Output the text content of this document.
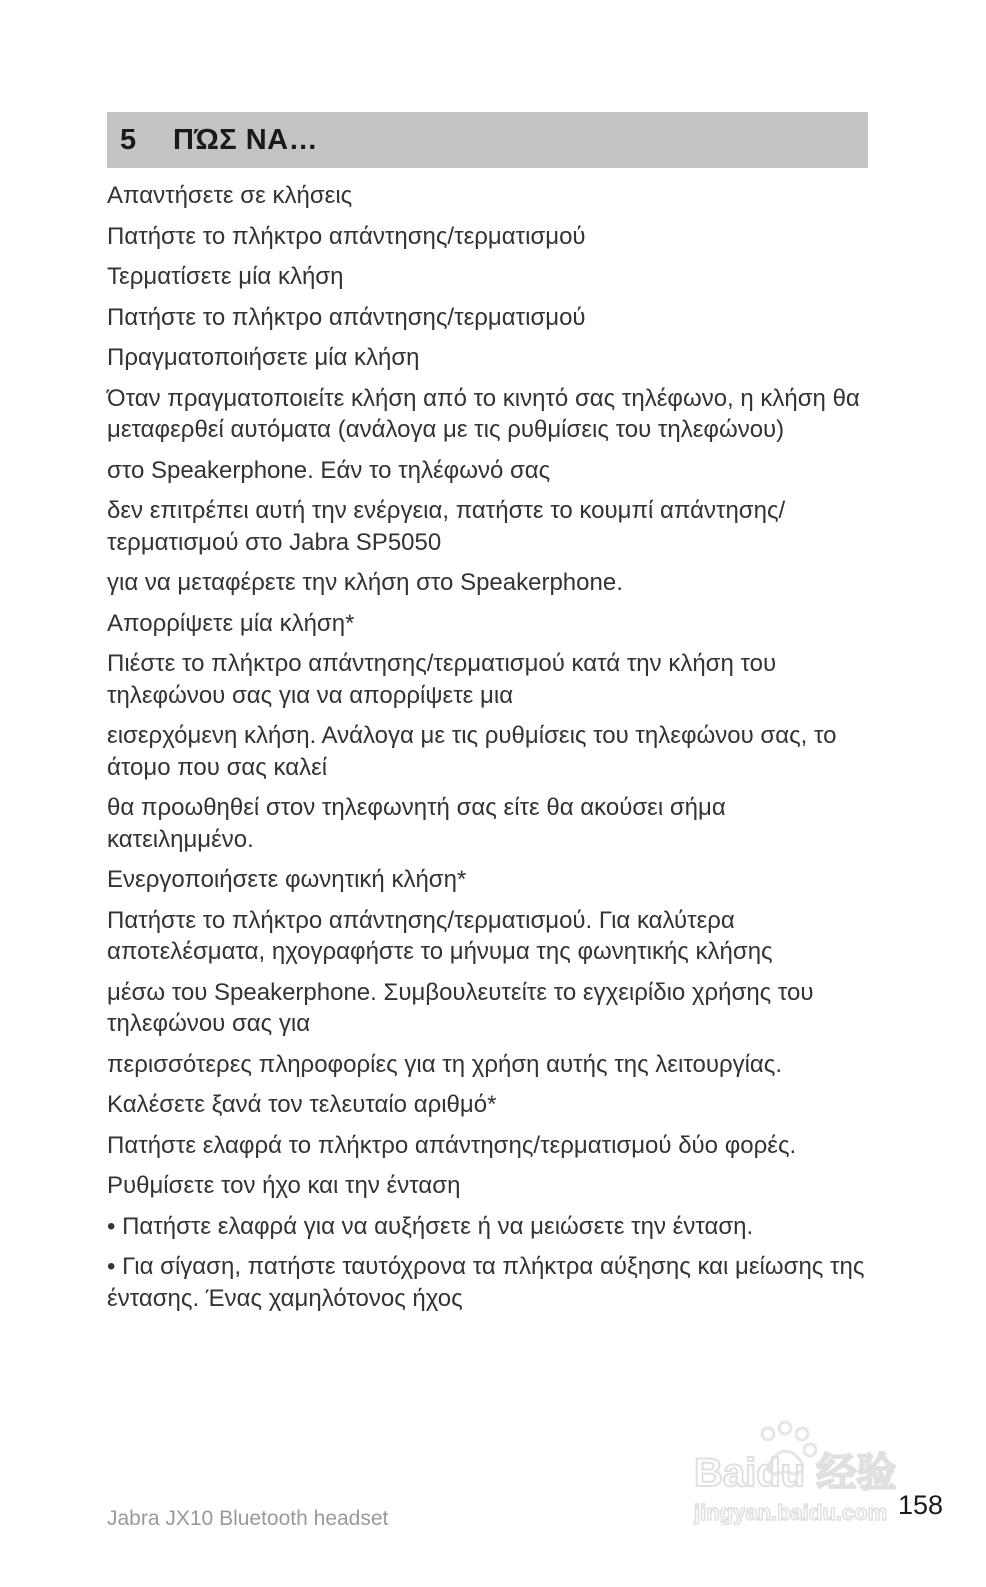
5	ΠΏΣ ΝΑ…

Απαντήσετε σε κλήσεις

Πατήστε το πλήκτρο απάντησης/τερματισμού

Τερματίσετε μία κλήση

Πατήστε το πλήκτρο απάντησης/τερματισμού

Πραγματοποιήσετε μία κλήση

Όταν πραγματοποιείτε κλήση από το κινητό σας τηλέφωνο, η κλήση θα μεταφερθεί αυτόματα (ανάλογα με τις ρυθμίσεις του τηλεφώνου)

στο Speakerphone. Εάν το τηλέφωνό σας

δεν επιτρέπει αυτή την ενέργεια, πατήστε το κουμπί απάντησης/ τερματισμού στο Jabra SP5050

για να μεταφέρετε την κλήση στο Speakerphone.

Απορρίψετε μία κλήση*

Πιέστε το πλήκτρο απάντησης/τερματισμού κατά την κλήση του τηλεφώνου σας για να απορρίψετε μια

εισερχόμενη κλήση. Ανάλογα με τις ρυθμίσεις του τηλεφώνου σας, το άτομο που σας καλεί

θα προωθηθεί στον τηλεφωνητή σας είτε θα ακούσει σήμα κατειλημμένο.

Ενεργοποιήσετε φωνητική κλήση*

Πατήστε το πλήκτρο απάντησης/τερματισμού. Για καλύτερα αποτελέσματα, ηχογραφήστε το μήνυμα της φωνητικής κλήσης

μέσω του Speakerphone. Συμβουλευτείτε το εγχειρίδιο χρήσης του τηλεφώνου σας για

περισσότερες πληροφορίες για τη χρήση αυτής της λειτουργίας.

Καλέσετε ξανά τον τελευταίο αριθμό*

Πατήστε ελαφρά το πλήκτρο απάντησης/τερματισμού δύο φορές.

Ρυθμίσετε τον ήχο και την ένταση

• Πατήστε ελαφρά για να αυξήσετε ή να μειώσετε την ένταση.

• Για σίγαση, πατήστε ταυτόχρονα τα πλήκτρα αύξησης και μείωσης της έντασης. Ένας χαμηλότονος ήχος

Jabra JX10 Bluetooth headset
Baidu 经验
jingyan.baidu.com 158
